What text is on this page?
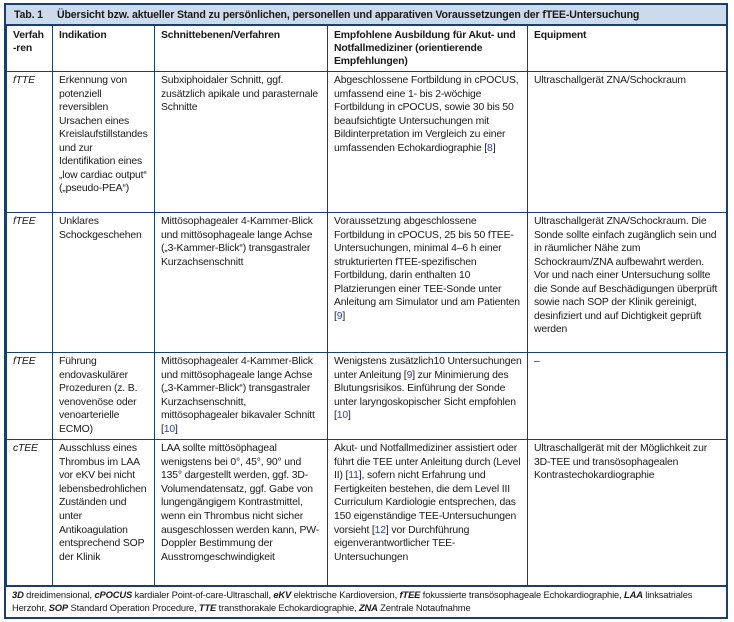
Tab. 1 Übersicht bzw. aktueller Stand zu persönlichen, personellen und apparativen Voraussetzungen der fTEE-Untersuchung
Verfah-ren	Indikation	Schnittebenen/Verfahren	Empfohlene Ausbildung für Akut- und Notfallmediziner (orientierende Empfehlungen)	Equipment
fTTE	Erkennung von potenziell reversiblen Ursachen eines Kreislaufstillstandes und zur Identifikation eines „low cardiac output“ („pseudo-PEA“)	Subxiphoidaler Schnitt, ggf. zusätzlich apikale und parasternale Schnitte	Abgeschlossene Fortbildung in cPOCUS, umfassend eine 1- bis 2-wöchige Fortbildung in cPOCUS, sowie 30 bis 50 beaufsichtigte Untersuchungen mit Bildinterpretation im Vergleich zu einer umfassenden Echokardiographie [8]	Ultraschallgerät ZNA/Schockraum
fTEE	Unklares Schockgeschehen	Mittösophagealer 4-Kammer-Blick und mittösophageale lange Achse („3-Kammer-Blick“) transgastraler Kurzachsenschnitt	Voraussetzung abgeschlossene Fortbildung in cPOCUS, 25 bis 50 fTEE-Untersuchungen, minimal 4–6 h einer strukturierten fTEE-spezifischen Fortbildung, darin enthalten 10 Platzierungen einer TEE-Sonde unter Anleitung am Simulator und am Patienten [9]	Ultraschallgerät ZNA/Schockraum. Die Sonde sollte einfach zugänglich sein und in räumlicher Nähe zum Schockraum/ZNA aufbewahrt werden. Vor und nach einer Untersuchung sollte die Sonde auf Beschädigungen überprüft sowie nach SOP der Klinik gereinigt, desinfiziert und auf Dichtigkeit geprüft werden
fTEE	Führung endovaskulärer Prozeduren (z. B. venovenöse oder venoarterielle ECMO)	Mittösophagealer 4-Kammer-Blick und mittösophageale lange Achse („3-Kammer-Blick“) transgastraler Kurzachsenschnitt, mittösophagealer bikavaler Schnitt [10]	Wenigstens zusätzlich10 Untersuchungen unter Anleitung [9] zur Minimierung des Blutungsrisikos. Einführung der Sonde unter laryngoskopischer Sicht empfohlen [10]	–
cTEE	Ausschluss eines Thrombus im LAA vor eKV bei nicht lebensbedrohlichen Zuständen und unter Antikoagulation entsprechend SOP der Klinik	LAA sollte mittösöphageal wenigstens bei 0°, 45°, 90° und 135° dargestellt werden, ggf. 3D-Volumendatensatz, ggf. Gabe von lungengängigem Kontrastmittel, wenn ein Thrombus nicht sicher ausgeschlossen werden kann, PW-Doppler Bestimmung der Ausstromgeschwindigkeit	Akut- und Notfallmediziner assistiert oder führt die TEE unter Anleitung durch (Level II) [11], sofern nicht Erfahrung und Fertigkeiten bestehen, die dem Level III Curriculum Kardiologie entsprechen, das 150 eigenständige TEE-Untersuchungen vorsieht [12] vor Durchführung eigenverantwortlicher TEE-Untersuchungen	Ultraschallgerät mit der Möglichkeit zur 3D-TEE und transösophagealen Kontrastechokardiographie
3D dreidimensional, cPOCUS kardialer Point-of-care-Ultraschall, eKV elektrische Kardioversion, fTEE fokussierte transösophageale Echokardiographie, LAA linksatriales Herzohr, SOP Standard Operation Procedure, TTE transthorakale Echokardiographie, ZNA Zentrale Notaufnahme
